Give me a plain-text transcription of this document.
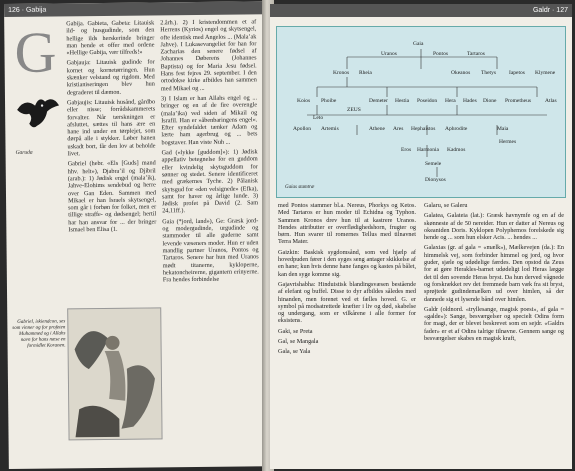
126 · Gabija
G
Garuda

Gabija. Gabieta, Gabeta: Litauisk ild- og husgudinde, som den hellige ilds herskerinde bringer man hende et offer med ordene «Hellige Gabija, vær tilfreds!»

Gabjauja: Litauisk gudinde for kornet og kornetørringen. Hun skænker velstand og rigdom. Med kristianiseringen blev hun degraderet til dæmon.

Gabjaujis: Litauisk husånd, gårdbo eller nisse; forrådskammerets forvalter. Når tærskningen er afsluttet, sættes til hans ære en hane ind under en tørplejet, som dørpå alle i stykker. Løber hanen uskadt bort, får den lov at beholde livet.

Gabriel (hebr. «Els [Guds] mand hhv. helt»), Djabra’il og Djibril (arab.): 1) Jødisk engel (mala’ik), Jahve-Elohims sendebud og herre over Gan Eden. Sammen med Mikael er han Israels skytsengel, som går i forbøn for folket, men er tillige straffe- og dødsengel; hertil har han ansvar for ... der bringer Ismael ben Elisa (1.

2.årh.). 2) I kristendommen et af Herrens (Kyrios) engel og skytsengel, ofte identisk med Angelos ... (Mala’ak Jahve). I Lukasevangeliet for han for Zacharias den senere fødsel af Johannes Døberens (Johannes Baptista) og for Maria Jesu fødsel. Hans fest fejres 29. september. I den ortodokse kirke afbildes han sammen med Mikael og ...

3) I Islam er han Allahs engel og ... bringer og en af de fire overengle (mala’ika) ved siden af Mikail og Israfil. Han er »åbenbaringens engel«. Efter syndefaldet tænker Adam og lærte ham agerbrug og ... bets bogstaver. Han viste Nuh ...

Gad («lykke [guddom]»): 1) Jødisk appellativ betegnelse for en guddom eller kvindelig skytsguddom for sønner og stedet. Senere identificeret med grækernes Tyche. 2) Pålanisk skytsgud for «den velsignede» (Efka), samt for haver og årlige lunde. 3) Jødisk profet på David (2. Sam 24,11ff.).

Gaia (*jord, land»), Ge: Græsk jord- og modergudinde, urgudinde og stammoder til alle guderne samt levende væseners moder. Hun er uden mandlig partner Uranos, Pontos og Tartaros. Senere har hun med Uranos mødt titanerne, kykloperne, hekatoncheirerne, gigantern erinyerne. Fra hendes forbindelse

Gabriel, iskiendcon, ses som vinner og for profeten Muhammed og i Allahs navn for hans næse en formidlet Koranen.
Galdr · 127
Gaia
Uranos	Pontos	Tartaros
Kronos Rheia	Okeanos Thetys Iapetos Klymene
Koios Phoibe
ZEUS
Demeter Hestia Poseidon Hera Hades Dione Prometheus	Atlas
Leto
Apollon Artemis	Athene Ares Hephaistos Aphrodite	Maia
Hermes
Eros Harmonia Kadmos
Semele
Dionysos
Gaias stamtræ

med Pontos stammer bl.a. Nereus, Phorkys og Ketos. Med Tartaros er hun moder til Echidna og Typhon. Sammen Kronos drev hun til at kastrere Uranos. Hendes attributter er overflødighedshorn, frugter og børn. Hun svarer til romernes Tellus med tilnavnet Terra Mater.

Gaizkin: Baskisk sygdomsånd, som ved hjælp af hovedpuden fører i den syges seng antager skikkelse af en hane; kun hvis denne hane fanges og kastes på bålet, kan den syge komme sig.

Gajavrishabha: Hinduistisk blandingsvæsen bestående af elefant og buffel. Disse to dyr afbildes således med hinanden, men forenet ved et fælles hoved. G. er symbol på modsatrettede kræfter i liv og død, skabelse og undergang, som er vilkårene i alle former for eksistens.

Gaki, se Preta

Gal, se Mangala

Gala, se Yala

Galaru, se Galeru

Galatea, Galateia (lat.): Græsk havnymfe og en af de skønneste af de 50 nereider. Hun er datter af Nereus og okeaniden Doris. Kyklopen Polyphemos forelskede sig hende og ... som hun elsker Acis. ... hendes ...

Galaxias (gr. af gala = «mælk»), Mælkevejen (da.): En himmelsk vej, som forbinder himmel og jord, og hvor guder, sjæle og udødelige færdes. Den opstod da Zeus for at gøre Herakles-barnet udødeligt lod Heras lægge det til den sovende Heras bryst. Da hun derved vågnede og forskrækket rev det fremmede barn væk fra sit bryst, sprøjtede gudindemælken ud over himlen, så der dannede sig et lysende bånd over himlen.

Galdr (oldnord. «tryllesange, magisk poesi», af gala = «galde»): Sange, besværgelser og specielt Odins form for magi, der er blevet beskrevet som en sejdr. «Galdrs fader» er et af Odins talrige tilnavne. Gennem sange og besværgelser skabes en magisk kraft,
